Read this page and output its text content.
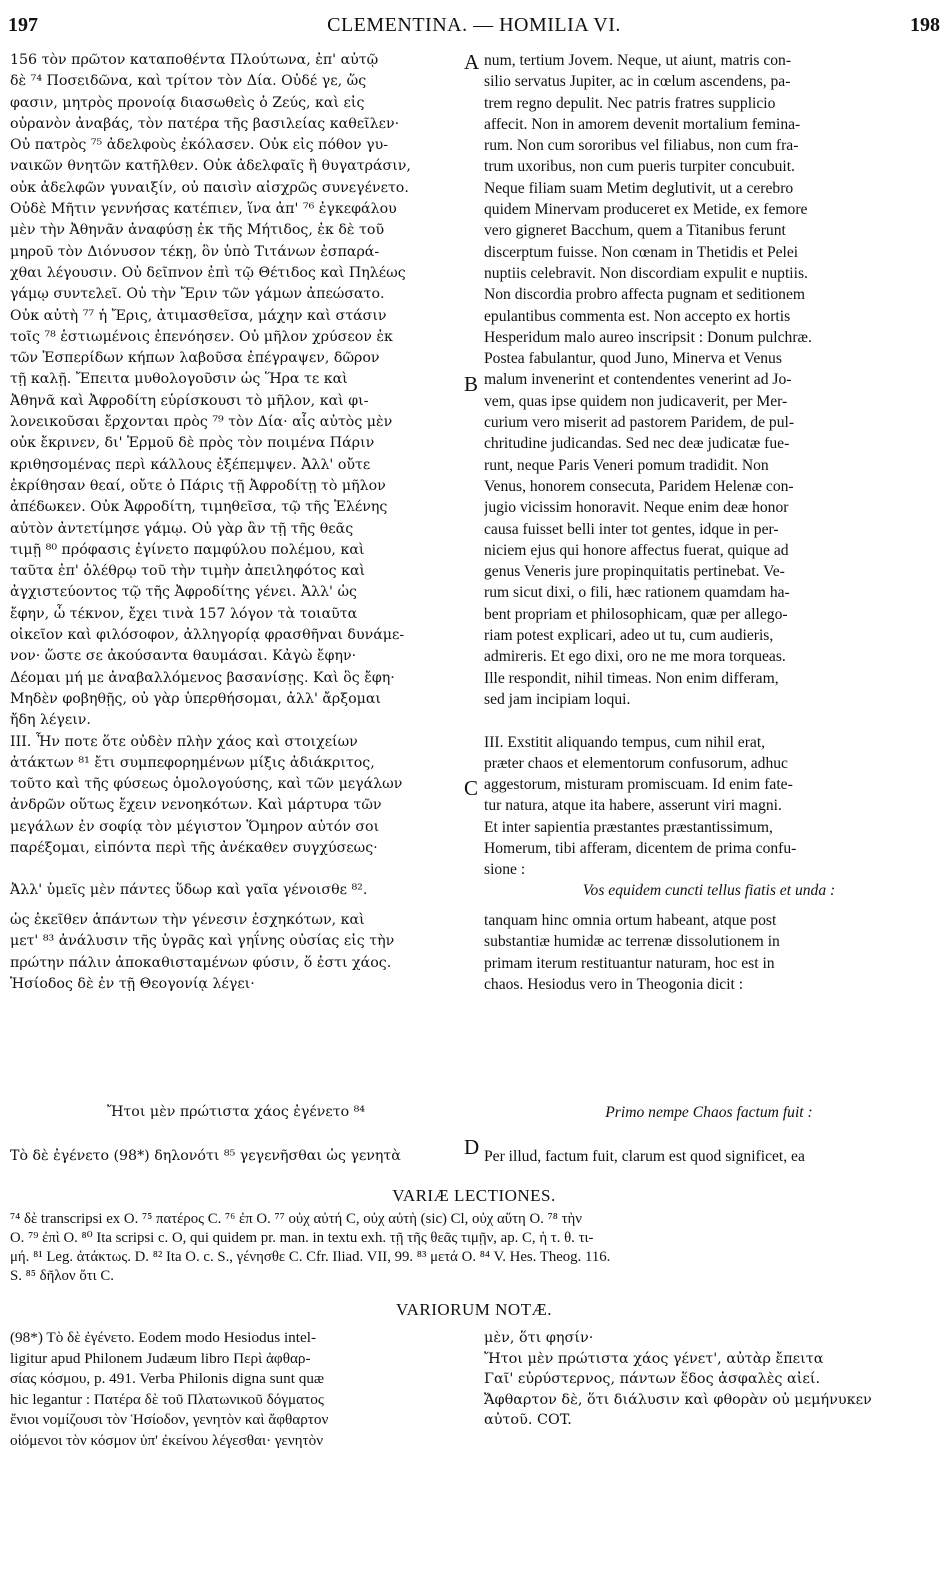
197	CLEMENTINA. — HOMILIA VI.	198
A
B
C
D
156 τὸν πρῶτον καταποθέντα Πλούτωνα, ἐπ' αὐτῷ
δὲ ⁷⁴ Ποσειδῶνα, καὶ τρίτον τὸν Δία. Οὐδέ γε, ὥς
φασιν, μητρὸς προνοίᾳ διασωθεὶς ὁ Ζεύς, καὶ εἰς
οὐρανὸν ἀναβάς, τὸν πατέρα τῆς βασιλείας καθεῖλεν·
Οὐ πατρὸς ⁷⁵ ἀδελφοὺς ἐκόλασεν. Οὐκ εἰς πόθον γυ-
ναικῶν θνητῶν κατῆλθεν. Οὐκ ἀδελφαῖς ἢ θυγατράσιν,
οὐκ ἀδελφῶν γυναιξίν, οὐ παισὶν αἰσχρῶς συνεγένετο.
Οὐδὲ Μῆτιν γεννήσας κατέπιεν, ἵνα ἀπ' ⁷⁶ ἐγκεφάλου
μὲν τὴν Ἀθηνᾶν ἀναφύσῃ ἐκ τῆς Μήτιδος, ἐκ δὲ τοῦ
μηροῦ τὸν Διόνυσον τέκῃ, ὃν ὑπὸ Τιτάνων ἐσπαρά-
χθαι λέγουσιν. Οὐ δεῖπνον ἐπὶ τῷ Θέτιδος καὶ Πηλέως
γάμῳ συντελεῖ. Οὐ τὴν Ἔριν τῶν γάμων ἀπεώσατο.
Οὐκ αὐτὴ ⁷⁷ ἡ Ἔρις, ἀτιμασθεῖσα, μάχην καὶ στάσιν
τοῖς ⁷⁸ ἑστιωμένοις ἐπενόησεν. Οὐ μῆλον χρύσεον ἐκ
τῶν Ἑσπερίδων κήπων λαβοῦσα ἐπέγραψεν, δῶρον
τῇ καλῇ. Ἔπειτα μυθολογοῦσιν ὡς Ἥρα τε καὶ
Ἀθηνᾶ καὶ Ἀφροδίτη εὑρίσκουσι τὸ μῆλον, καὶ φι-
λονεικοῦσαι ἔρχονται πρὸς ⁷⁹ τὸν Δία· αἷς αὐτὸς μὲν
οὐκ ἔκρινεν, δι' Ἑρμοῦ δὲ πρὸς τὸν ποιμένα Πάριν
κριθησομένας περὶ κάλλους ἐξέπεμψεν. Ἀλλ' οὔτε
ἐκρίθησαν θεαί, οὔτε ὁ Πάρις τῇ Ἀφροδίτῃ τὸ μῆλον
ἀπέδωκεν. Οὐκ Ἀφροδίτη, τιμηθεῖσα, τῷ τῆς Ἑλένης
αὐτὸν ἀντετίμησε γάμῳ. Οὐ γὰρ ἂν τῇ τῆς θεᾶς
τιμῇ ⁸⁰ πρόφασις ἐγίνετο παμφύλου πολέμου, καὶ
ταῦτα ἐπ' ὀλέθρῳ τοῦ τὴν τιμὴν ἀπειληφότος καὶ
ἀγχιστεύοντος τῷ τῆς Ἀφροδίτης γένει. Ἀλλ' ὡς
ἔφην, ὦ τέκνον, ἔχει τινὰ 157 λόγον τὰ τοιαῦτα
οἰκεῖον καὶ φιλόσοφον, ἀλληγορίᾳ φρασθῆναι δυνάμε-
νον· ὥστε σε ἀκούσαντα θαυμάσαι. Κἀγὼ ἔφην·
Δέομαι μή με ἀναβαλλόμενος βασανίσῃς. Καὶ ὃς ἔφη·
Μηδὲν φοβηθῇς, οὐ γὰρ ὑπερθήσομαι, ἀλλ' ἄρξομαι
ἤδη λέγειν.
III. Ἦν ποτε ὅτε οὐδὲν πλὴν χάος καὶ στοιχείων
ἀτάκτων ⁸¹ ἔτι συμπεφορημένων μίξις ἀδιάκριτος,
τοῦτο καὶ τῆς φύσεως ὁμολογούσης, καὶ τῶν μεγάλων
ἀνδρῶν οὕτως ἔχειν νενοηκότων. Καὶ μάρτυρα τῶν
μεγάλων ἐν σοφίᾳ τὸν μέγιστον Ὅμηρον αὐτόν σοι
παρέξομαι, εἰπόντα περὶ τῆς ἀνέκαθεν συγχύσεως·
num, tertium Jovem. Neque, ut aiunt, matris con-
silio servatus Jupiter, ac in cœlum ascendens, pa-
trem regno depulit. Nec patris fratres supplicio
affecit. Non in amorem devenit mortalium femina-
rum. Non cum sororibus vel filiabus, non cum fra-
trum uxoribus, non cum pueris turpiter concubuit.
Neque filiam suam Metim deglutivit, ut a cerebro
quidem Minervam produceret ex Metide, ex femore
vero gigneret Bacchum, quem a Titanibus ferunt
discerptum fuisse. Non cœnam in Thetidis et Pelei
nuptiis celebravit. Non discordiam expulit e nuptiis.
Non discordia probro affecta pugnam et seditionem
epulantibus commenta est. Non accepto ex hortis
Hesperidum malo aureo inscripsit : Donum pulchræ.
Postea fabulantur, quod Juno, Minerva et Venus
malum invenerint et contendentes venerint ad Jo-
vem, quas ipse quidem non judicaverit, per Mer-
curium vero miserit ad pastorem Paridem, de pul-
chritudine judicandas. Sed nec deæ judicatæ fue-
runt, neque Paris Veneri pomum tradidit. Non
Venus, honorem consecuta, Paridem Helenæ con-
jugio vicissim honoravit. Neque enim deæ honor
causa fuisset belli inter tot gentes, idque in per-
niciem ejus qui honore affectus fuerat, quique ad
genus Veneris jure propinquitatis pertinebat. Ve-
rum sicut dixi, o fili, hæc rationem quamdam ha-
bent propriam et philosophicam, quæ per allego-
riam potest explicari, adeo ut tu, cum audieris,
admireris. Et ego dixi, oro ne me mora torqueas.
Ille respondit, nihil timeas. Non enim differam,
sed jam incipiam loqui.

III. Exstitit aliquando tempus, cum nihil erat,
præter chaos et elementorum confusorum, adhuc
aggestorum, misturam promiscuam. Id enim fate-
tur natura, atque ita habere, asserunt viri magni.
Et inter sapientia præstantes præstantissimum,
Homerum, tibi afferam, dicentem de prima confu-
sione :
Ἀλλ' ὑμεῖς μὲν πάντες ὕδωρ καὶ γαῖα γένοισθε ⁸².	Vos equidem cuncti tellus fiatis et unda :
ὡς ἐκεῖθεν ἁπάντων τὴν γένεσιν ἐσχηκότων, καὶ
μετ' ⁸³ ἀνάλυσιν τῆς ὑγρᾶς καὶ γηΐνης οὐσίας εἰς τὴν
πρώτην πάλιν ἀποκαθισταμένων φύσιν, ὅ ἐστι χάος.
Ἡσίοδος δὲ ἐν τῇ Θεογονίᾳ λέγει·
tanquam hinc omnia ortum habeant, atque post
substantiæ humidæ ac terrenæ dissolutionem in
primam iterum restituantur naturam, hoc est in
chaos. Hesiodus vero in Theogonia dicit :
Ἤτοι μὲν πρώτιστα χάος ἐγένετο ⁸⁴	Primo nempe Chaos factum fuit :
Τὸ δὲ ἐγένετο (98*) δηλονότι ⁸⁵ γεγενῆσθαι ὡς γενητὰ	Per illud, factum fuit, clarum est quod significet, ea
VARIÆ LECTIONES.
⁷⁴ δὲ transcripsi ex O. ⁷⁵ πατέρος C. ⁷⁶ ἐπ O. ⁷⁷ οὐχ αὐτή C, οὐχ αὐτὴ (sic) Cl, οὐχ αὕτη O. ⁷⁸ τὴν
O. ⁷⁹ ἐπὶ O. ⁸⁰ Ita scripsi c. O, qui quidem pr. man. in textu exh. τῇ τῆς θεᾶς τιμῇν, ap. C, ἡ τ. θ. τι-
μή. ⁸¹ Leg. ἀτάκτως. D. ⁸² Ita O. c. S., γένησθε C. Cfr. Iliad. VII, 99. ⁸³ μετά O. ⁸⁴ V. Hes. Theog. 116.
S. ⁸⁵ δῆλον ὅτι C.
VARIORUM NOTÆ.
(98*) Τὸ δὲ ἐγένετο. Eodem modo Hesiodus intel-
ligitur apud Philonem Judæum libro Περὶ ἀφθαρ-
σίας κόσμου, p. 491. Verba Philonis digna sunt quæ
hic legantur : Πατέρα δὲ τοῦ Πλατωνικοῦ δόγματος
ἔνιοι νομίζουσι τὸν Ἡσίοδον, γενητὸν καὶ ἄφθαρτον
οἰόμενοι τὸν κόσμον ὑπ' ἐκείνου λέγεσθαι· γενητὸν
μὲν, ὅτι φησίν·
Ἤτοι μὲν πρώτιστα χάος γένετ', αὐτὰρ ἔπειτα
Γαῖ' εὐρύστερνος, πάντων ἕδος ἀσφαλὲς αἰεί.
Ἄφθαρτον δὲ, ὅτι διάλυσιν καὶ φθορὰν οὐ μεμήνυκεν
αὐτοῦ. COT.
